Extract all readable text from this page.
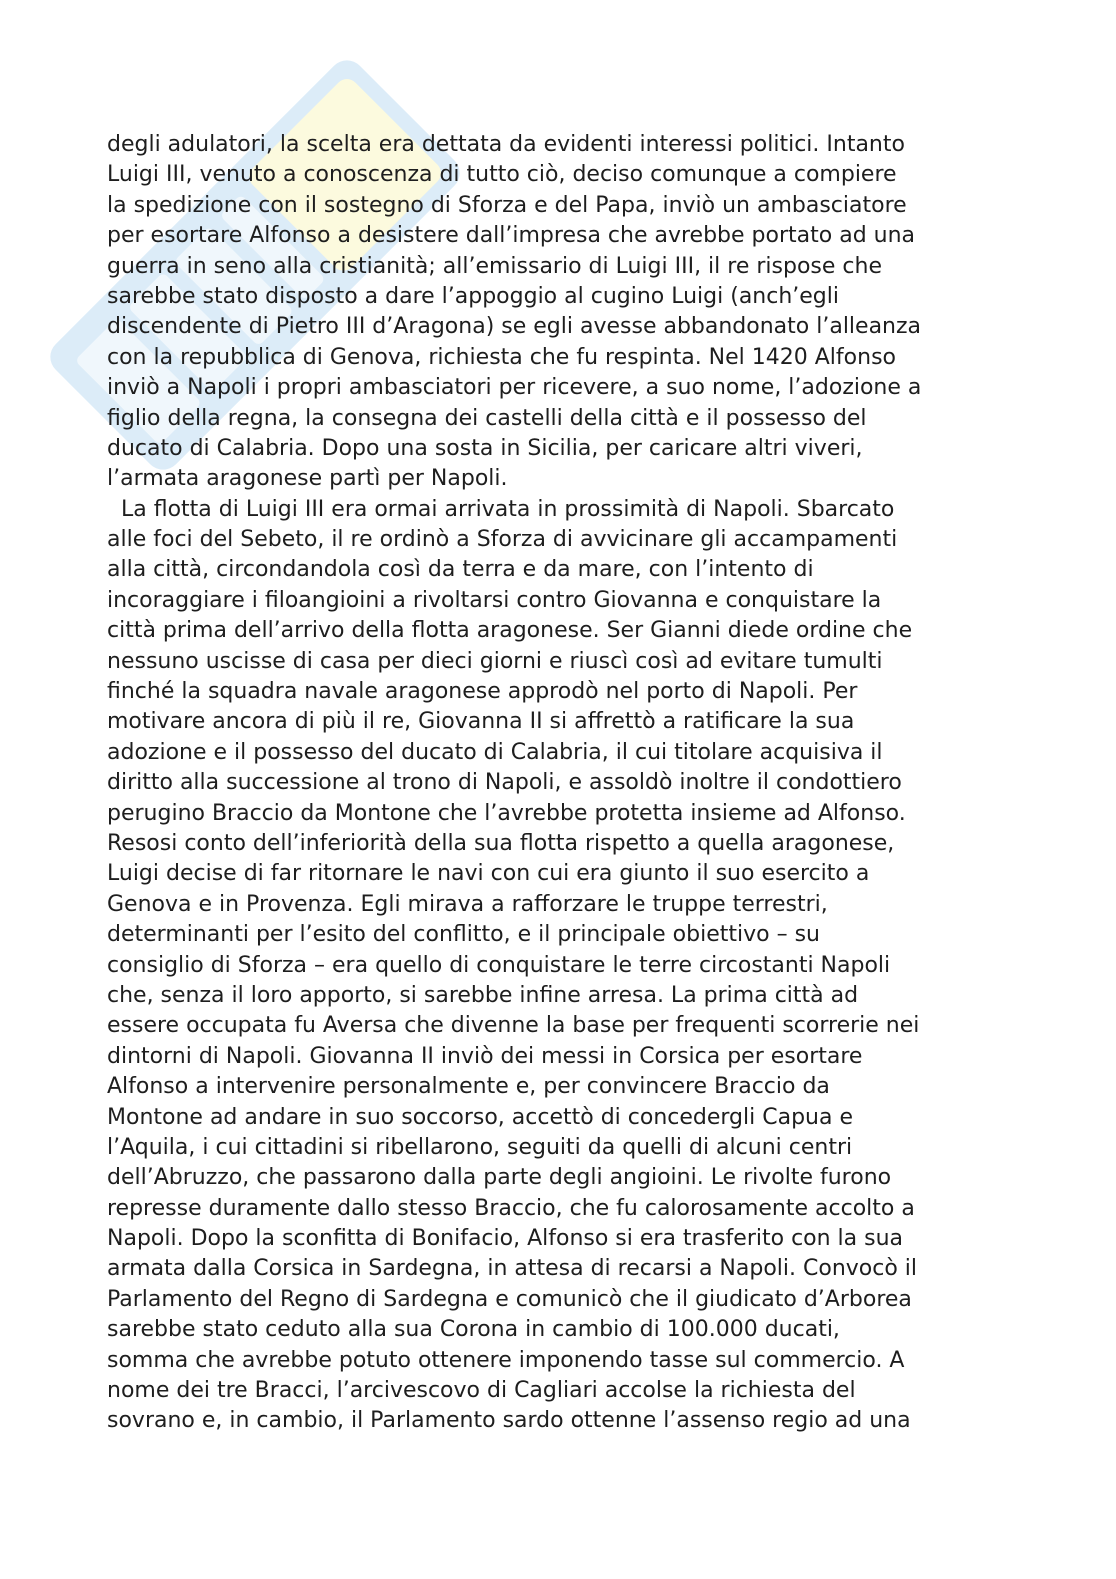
degli adulatori, la scelta era dettata da evidenti interessi politici. Intanto
Luigi III, venuto a conoscenza di tutto ciò, deciso comunque a compiere
la spedizione con il sostegno di Sforza e del Papa, inviò un ambasciatore
per esortare Alfonso a desistere dall’impresa che avrebbe portato ad una
guerra in seno alla cristianità; all’emissario di Luigi III, il re rispose che
sarebbe stato disposto a dare l’appoggio al cugino Luigi (anch’egli
discendente di Pietro III d’Aragona) se egli avesse abbandonato l’alleanza
con la repubblica di Genova, richiesta che fu respinta. Nel 1420 Alfonso
inviò a Napoli i propri ambasciatori per ricevere, a suo nome, l’adozione a
figlio della regna, la consegna dei castelli della città e il possesso del
ducato di Calabria. Dopo una sosta in Sicilia, per caricare altri viveri,
l’armata aragonese partì per Napoli.
La flotta di Luigi III era ormai arrivata in prossimità di Napoli. Sbarcato
alle foci del Sebeto, il re ordinò a Sforza di avvicinare gli accampamenti
alla città, circondandola così da terra e da mare, con l’intento di
incoraggiare i filoangioini a rivoltarsi contro Giovanna e conquistare la
città prima dell’arrivo della flotta aragonese. Ser Gianni diede ordine che
nessuno uscisse di casa per dieci giorni e riuscì così ad evitare tumulti
finché la squadra navale aragonese approdò nel porto di Napoli. Per
motivare ancora di più il re, Giovanna II si affrettò a ratificare la sua
adozione e il possesso del ducato di Calabria, il cui titolare acquisiva il
diritto alla successione al trono di Napoli, e assoldò inoltre il condottiero
perugino Braccio da Montone che l’avrebbe protetta insieme ad Alfonso.
Resosi conto dell’inferiorità della sua flotta rispetto a quella aragonese,
Luigi decise di far ritornare le navi con cui era giunto il suo esercito a
Genova e in Provenza. Egli mirava a rafforzare le truppe terrestri,
determinanti per l’esito del conflitto, e il principale obiettivo – su
consiglio di Sforza – era quello di conquistare le terre circostanti Napoli
che, senza il loro apporto, si sarebbe infine arresa. La prima città ad
essere occupata fu Aversa che divenne la base per frequenti scorrerie nei
dintorni di Napoli. Giovanna II inviò dei messi in Corsica per esortare
Alfonso a intervenire personalmente e, per convincere Braccio da
Montone ad andare in suo soccorso, accettò di concedergli Capua e
l’Aquila, i cui cittadini si ribellarono, seguiti da quelli di alcuni centri
dell’Abruzzo, che passarono dalla parte degli angioini. Le rivolte furono
represse duramente dallo stesso Braccio, che fu calorosamente accolto a
Napoli. Dopo la sconfitta di Bonifacio, Alfonso si era trasferito con la sua
armata dalla Corsica in Sardegna, in attesa di recarsi a Napoli. Convocò il
Parlamento del Regno di Sardegna e comunicò che il giudicato d’Arborea
sarebbe stato ceduto alla sua Corona in cambio di 100.000 ducati,
somma che avrebbe potuto ottenere imponendo tasse sul commercio. A
nome dei tre Bracci, l’arcivescovo di Cagliari accolse la richiesta del
sovrano e, in cambio, il Parlamento sardo ottenne l’assenso regio ad una
